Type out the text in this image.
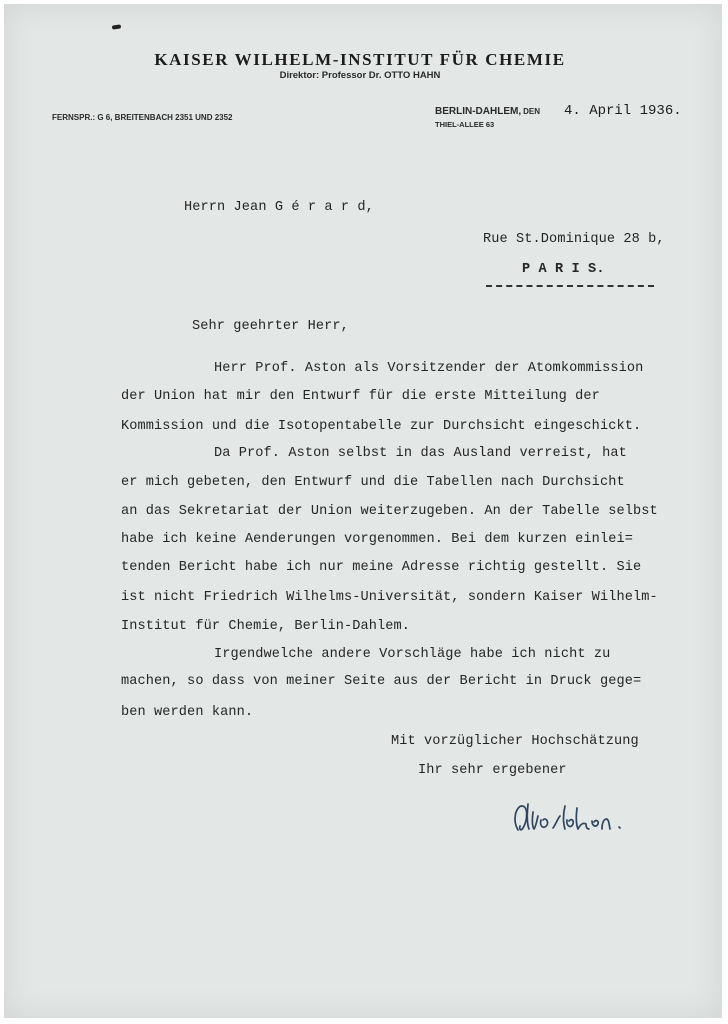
KAISER WILHELM-INSTITUT FÜR CHEMIE
Direktor: Professor Dr. OTTO HAHN
FERNSPR.: G 6, BREITENBACH 2351 UND 2352
BERLIN-DAHLEM, DEN 4. April 1936.
THIEL-ALLEE 63
Herrn Jean G é r a r d,
Rue St.Dominique 28 b,
P A R I S.
Sehr geehrter Herr,
Herr Prof. Aston als Vorsitzender der Atomkommission
der Union hat mir den Entwurf für die erste Mitteilung der
Kommission und die Isotopentabelle zur Durchsicht eingeschickt.
Da Prof. Aston selbst in das Ausland verreist, hat
er mich gebeten, den Entwurf und die Tabellen nach Durchsicht
an das Sekretariat der Union weiterzugeben. An der Tabelle selbst
habe ich keine Aenderungen vorgenommen. Bei dem kurzen einlei=
tenden Bericht habe ich nur meine Adresse richtig gestellt. Sie
ist nicht Friedrich Wilhelms-Universität, sondern Kaiser Wilhelm-
Institut für Chemie, Berlin-Dahlem.
Irgendwelche andere Vorschläge habe ich nicht zu
machen, so dass von meiner Seite aus der Bericht in Druck gege=
ben werden kann.
Mit vorzüglicher Hochschätzung
Ihr sehr ergebener
